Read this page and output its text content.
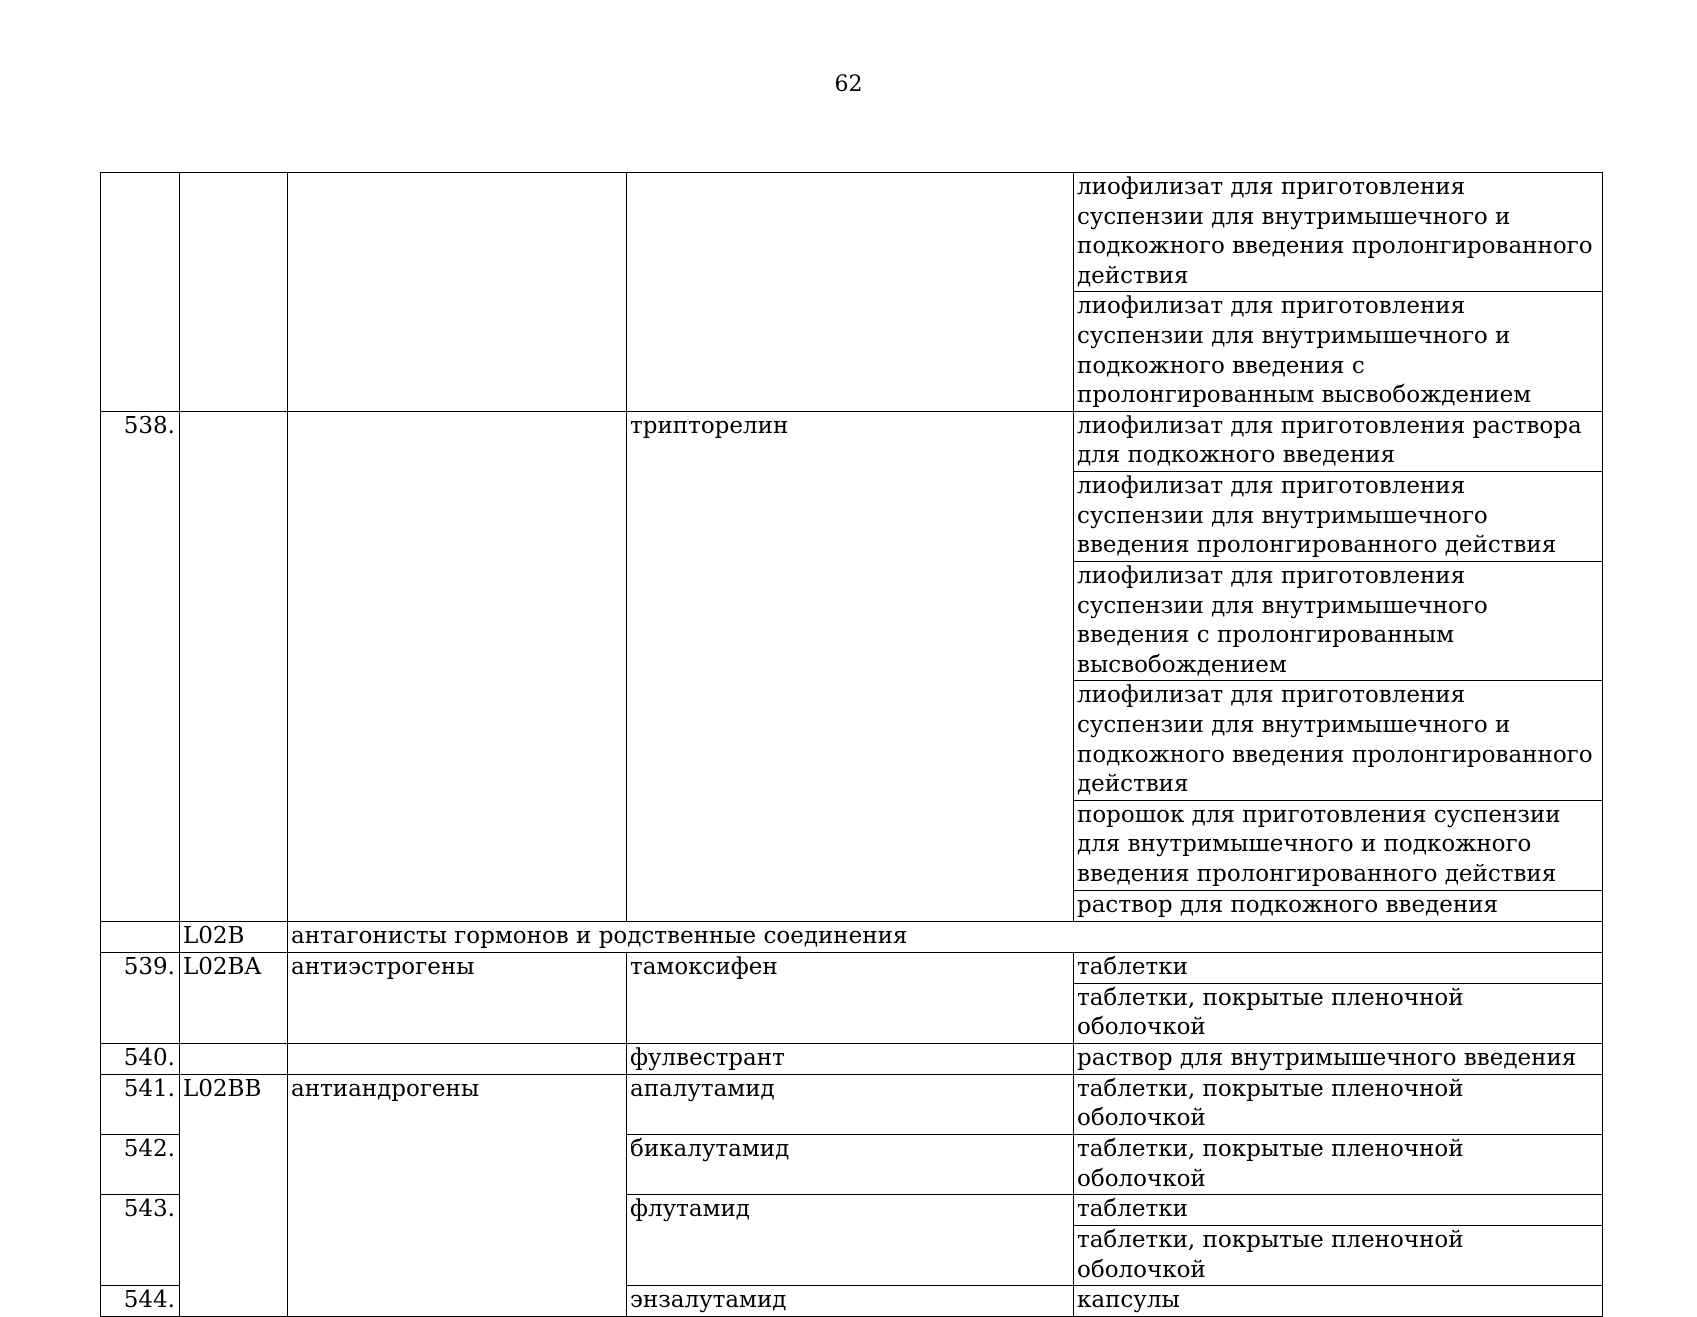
62
				лиофилизат для приготовления суспензии для внутримышечного и подкожного введения пролонгированного действия
				лиофилизат для приготовления суспензии для внутримышечного и подкожного введения с пролонгированным высвобождением
538.			трипторелин	лиофилизат для приготовления раствора для подкожного введения
				лиофилизат для приготовления суспензии для внутримышечного введения пролонгированного действия
				лиофилизат для приготовления суспензии для внутримышечного введения с пролонгированным высвобождением
				лиофилизат для приготовления суспензии для внутримышечного и подкожного введения пролонгированного действия
				порошок для приготовления суспензии для внутримышечного и подкожного введения пролонгированного действия
				раствор для подкожного введения
	L02B	антагонисты гормонов и родственные соединения		
539.	L02BA	антиэстрогены	тамоксифен	таблетки
				таблетки, покрытые пленочной оболочкой
540.			фулвестрант	раствор для внутримышечного введения
541.	L02BB	антиандрогены	апалутамид	таблетки, покрытые пленочной оболочкой
542.			бикалутамид	таблетки, покрытые пленочной оболочкой
543.			флутамид	таблетки
				таблетки, покрытые пленочной оболочкой
544.			энзалутамид	капсулы
